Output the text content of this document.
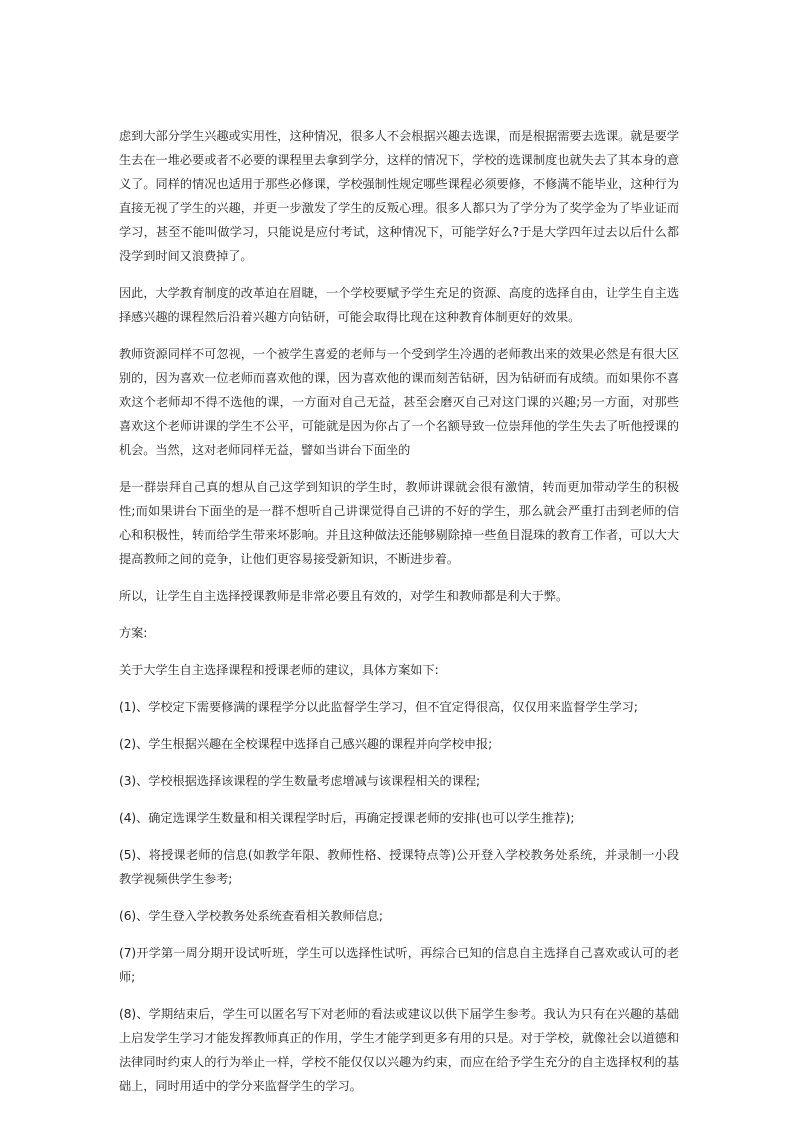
虑到大部分学生兴趣或实用性，这种情况，很多人不会根据兴趣去选课，而是根据需要去选课。就是要学生去在一堆必要或者不必要的课程里去拿到学分，这样的情况下，学校的选课制度也就失去了其本身的意义了。同样的情况也适用于那些必修课，学校强制性规定哪些课程必须要修，不修满不能毕业，这种行为直接无视了学生的兴趣，并更一步激发了学生的反叛心理。很多人都只为了学分为了奖学金为了毕业证而学习，甚至不能叫做学习，只能说是应付考试，这种情况下，可能学好么?于是大学四年过去以后什么都没学到时间又浪费掉了。

因此，大学教育制度的改革迫在眉睫，一个学校要赋予学生充足的资源、高度的选择自由，让学生自主选择感兴趣的课程然后沿着兴趣方向钻研，可能会取得比现在这种教育体制更好的效果。

教师资源同样不可忽视，一个被学生喜爱的老师与一个受到学生冷遇的老师教出来的效果必然是有很大区别的，因为喜欢一位老师而喜欢他的课，因为喜欢他的课而刻苦钻研，因为钻研而有成绩。而如果你不喜欢这个老师却不得不选他的课，一方面对自己无益，甚至会磨灭自己对这门课的兴趣;另一方面，对那些喜欢这个老师讲课的学生不公平，可能就是因为你占了一个名额导致一位崇拜他的学生失去了听他授课的机会。当然，这对老师同样无益，譬如当讲台下面坐的

是一群崇拜自己真的想从自己这学到知识的学生时，教师讲课就会很有激情，转而更加带动学生的积极性;而如果讲台下面坐的是一群不想听自己讲课觉得自己讲的不好的学生，那么就会严重打击到老师的信心和积极性，转而给学生带来坏影响。并且这种做法还能够剔除掉一些鱼目混珠的教育工作者，可以大大提高教师之间的竞争，让他们更容易接受新知识，不断进步着。

所以，让学生自主选择授课教师是非常必要且有效的，对学生和教师都是利大于弊。

方案:

关于大学生自主选择课程和授课老师的建议，具体方案如下:

(1)、学校定下需要修满的课程学分以此监督学生学习，但不宜定得很高，仅仅用来监督学生学习;

(2)、学生根据兴趣在全校课程中选择自己感兴趣的课程并向学校申报;

(3)、学校根据选择该课程的学生数量考虑增减与该课程相关的课程;

(4)、确定选课学生数量和相关课程学时后，再确定授课老师的安排(也可以学生推荐);

(5)、将授课老师的信息(如教学年限、教师性格、授课特点等)公开登入学校教务处系统，并录制一小段教学视频供学生参考;

(6)、学生登入学校教务处系统查看相关教师信息;

(7)开学第一周分期开设试听班，学生可以选择性试听，再综合已知的信息自主选择自己喜欢或认可的老师;

(8)、学期结束后，学生可以匿名写下对老师的看法或建议以供下届学生参考。我认为只有在兴趣的基础上启发学生学习才能发挥教师真正的作用，学生才能学到更多有用的只是。对于学校，就像社会以道德和法律同时约束人的行为举止一样，学校不能仅仅以兴趣为约束，而应在给予学生充分的自主选择权利的基础上，同时用适中的学分来监督学生的学习。
